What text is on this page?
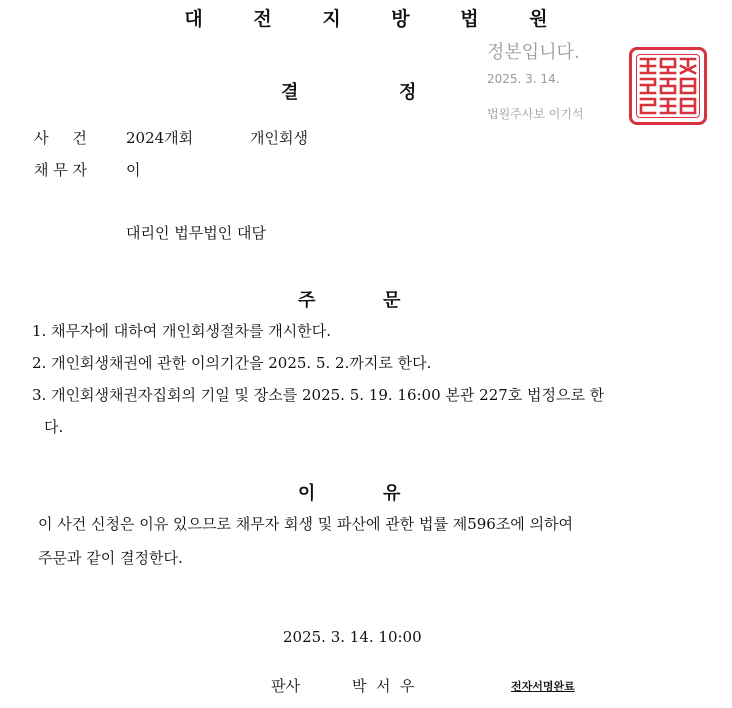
대 전 지 방 법 원
정본입니다.
2025. 3. 14.
법원주사보 이기석
결	정
사     건	2024개회	개인회생
채 무 자	이
대리인 법무법인 대담
주	문
1. 채무자에 대하여 개인회생절차를 개시한다.
2. 개인회생채권에 관한 이의기간을 2025. 5. 2.까지로 한다.
3. 개인회생채권자집회의 기일 및 장소를 2025. 5. 19. 16:00 본관 227호 법정으로 한
다.
이	유
이 사건 신청은 이유 있으므로 채무자 회생 및 파산에 관한 법률 제596조에 의하여
주문과 같이 결정한다.
2025. 3. 14. 10:00
판사	박  서  우	전자서명완료
